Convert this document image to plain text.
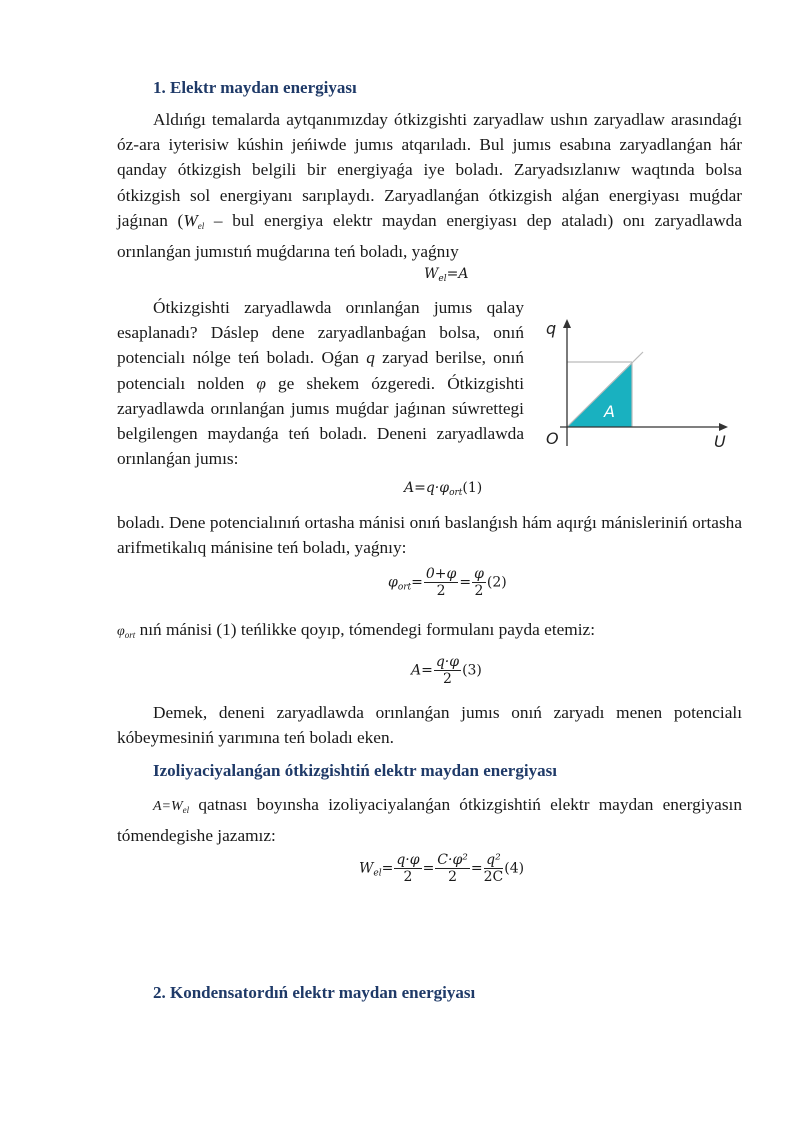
1. Elektr maydan energiyası

Aldıńgı temalarda aytqanımızday ótkizgishti zaryadlaw ushın zaryadlaw arasındaǵı óz-ara iyterisiw kúshin jeńiwde jumıs atqarıladı. Bul jumıs esabına zaryadlanǵan hár qanday ótkizgish belgili bir energiyaǵa iye boladı. Zaryadsızlanıw waqtında bolsa ótkizgish sol energiyanı sarıplaydı. Zaryadlanǵan ótkizgish alǵan energiyası muǵdar jaǵınan ($W_{el}$ – bul energiya elektr maydan energiyası dep ataladı) onı zaryadlawda orınlanǵan jumıstıń muǵdarına teń boladı, yaǵnıy

$W_{el}=A$

Ótkizgishti zaryadlawda orınlanǵan jumıs qalay esaplanadı? Dáslep dene zaryadlanbaǵan bolsa, onıń potencialı nólge teń boladı. Oǵan q zaryad berilse, onıń potencialı nolden φ ge shekem ózgeredi. Ótkizgishti zaryadlawda orınlanǵan jumıs muǵdar jaǵınan súwrettegi belgilengen maydanǵa teń boladı. Deneni zaryadlawda orınlanǵan jumıs:

q
U
O
A
$A=q\cdot\varphi_{ort}(1)$

boladı. Dene potencialınıń ortasha mánisi onıń baslanǵısh hám aqırǵı mánisleriniń ortasha arifmetikalıq mánisine teń boladı, yaǵnıy:

$\varphi_{ort}= \frac{0+\varphi}{2} = \frac{\varphi}{2} (2)$

$\varphi_{ort}$ nıń mánisi (1) teńlikke qoyıp, tómendegi formulanı payda etemiz:

$A= \frac{q\cdot\varphi}{2} (3)$

Demek, deneni zaryadlawda orınlanǵan jumıs onıń zaryadı menen potencialı kóbeymesiniń yarımına teń boladı eken.

Izoliyaciyalanǵan ótkizgishtiń elektr maydan energiyası

$A=W_{el}$ qatnası boyınsha izoliyaciyalanǵan ótkizgishtiń elektr maydan energiyasın tómendegishe jazamız:

$W_{el}= \frac{q\cdot\varphi}{2} = \frac{\text{C·φ²}}{2} = \frac{\text{q²}}{2C} (4)$
2. Kondensatordıń elektr maydan energiyası
